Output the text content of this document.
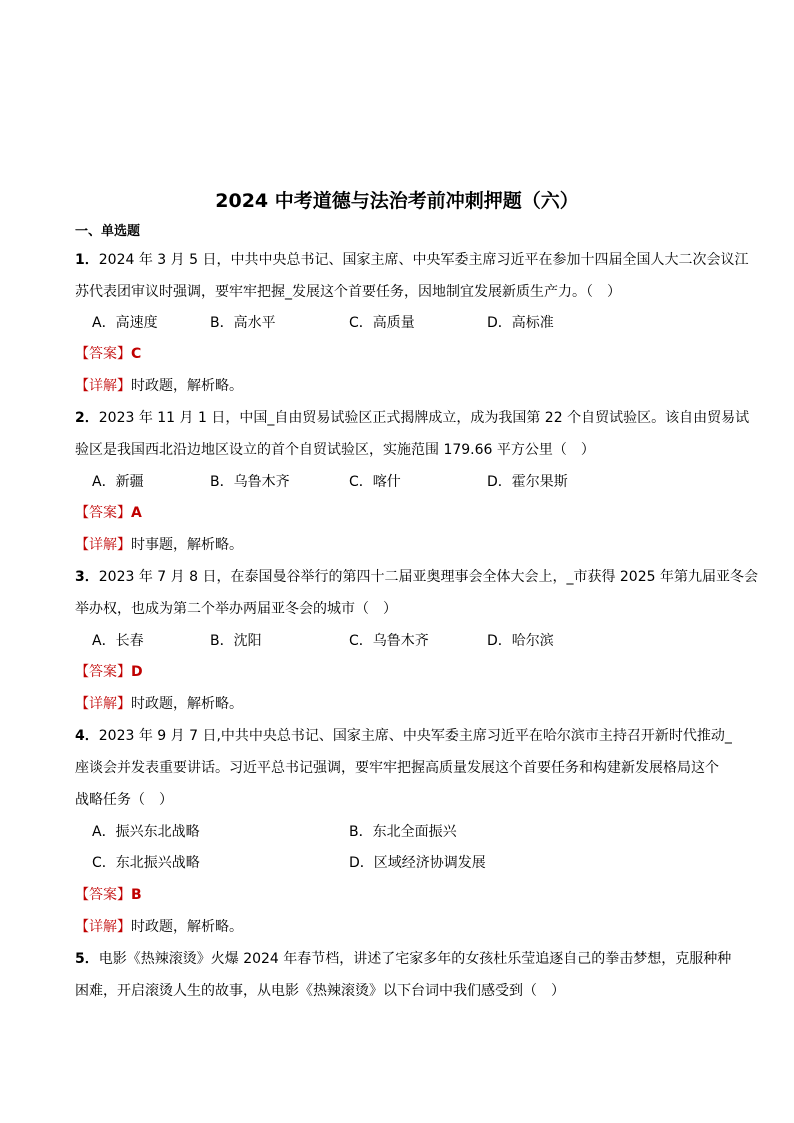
2024 中考道德与法治考前冲刺押题（六）
一、单选题
1．2024 年 3 月 5 日，中共中央总书记、国家主席、中央军委主席习近平在参加十四届全国人大二次会议江
苏代表团审议时强调，要牢牢把握_发展这个首要任务，因地制宜发展新质生产力。（　）
A．高速度	B．高水平	C．高质量	D．高标准
【答案】C
【详解】时政题，解析略。
2．2023 年 11 月 1 日，中国_自由贸易试验区正式揭牌成立，成为我国第 22 个自贸试验区。该自由贸易试
验区是我国西北沿边地区设立的首个自贸试验区，实施范围 179.66 平方公里（　）
A．新疆	B．乌鲁木齐	C．喀什	D．霍尔果斯
【答案】A
【详解】时事题，解析略。
3．2023 年 7 月 8 日，在泰国曼谷举行的第四十二届亚奥理事会全体大会上，_市获得 2025 年第九届亚冬会
举办权，也成为第二个举办两届亚冬会的城市（　）
A．长春	B．沈阳	C．乌鲁木齐	D．哈尔滨
【答案】D
【详解】时政题，解析略。
4．2023 年 9 月 7 日,中共中央总书记、国家主席、中央军委主席习近平在哈尔滨市主持召开新时代推动_
座谈会并发表重要讲话。习近平总书记强调，要牢牢把握高质量发展这个首要任务和构建新发展格局这个
战略任务（　）
A．振兴东北战略	B．东北全面振兴
C．东北振兴战略	D．区域经济协调发展
【答案】B
【详解】时政题，解析略。
5．电影《热辣滚烫》火爆 2024 年春节档，讲述了宅家多年的女孩杜乐莹追逐自己的拳击梦想，克服种种
困难，开启滚烫人生的故事，从电影《热辣滚烫》以下台词中我们感受到（　）
